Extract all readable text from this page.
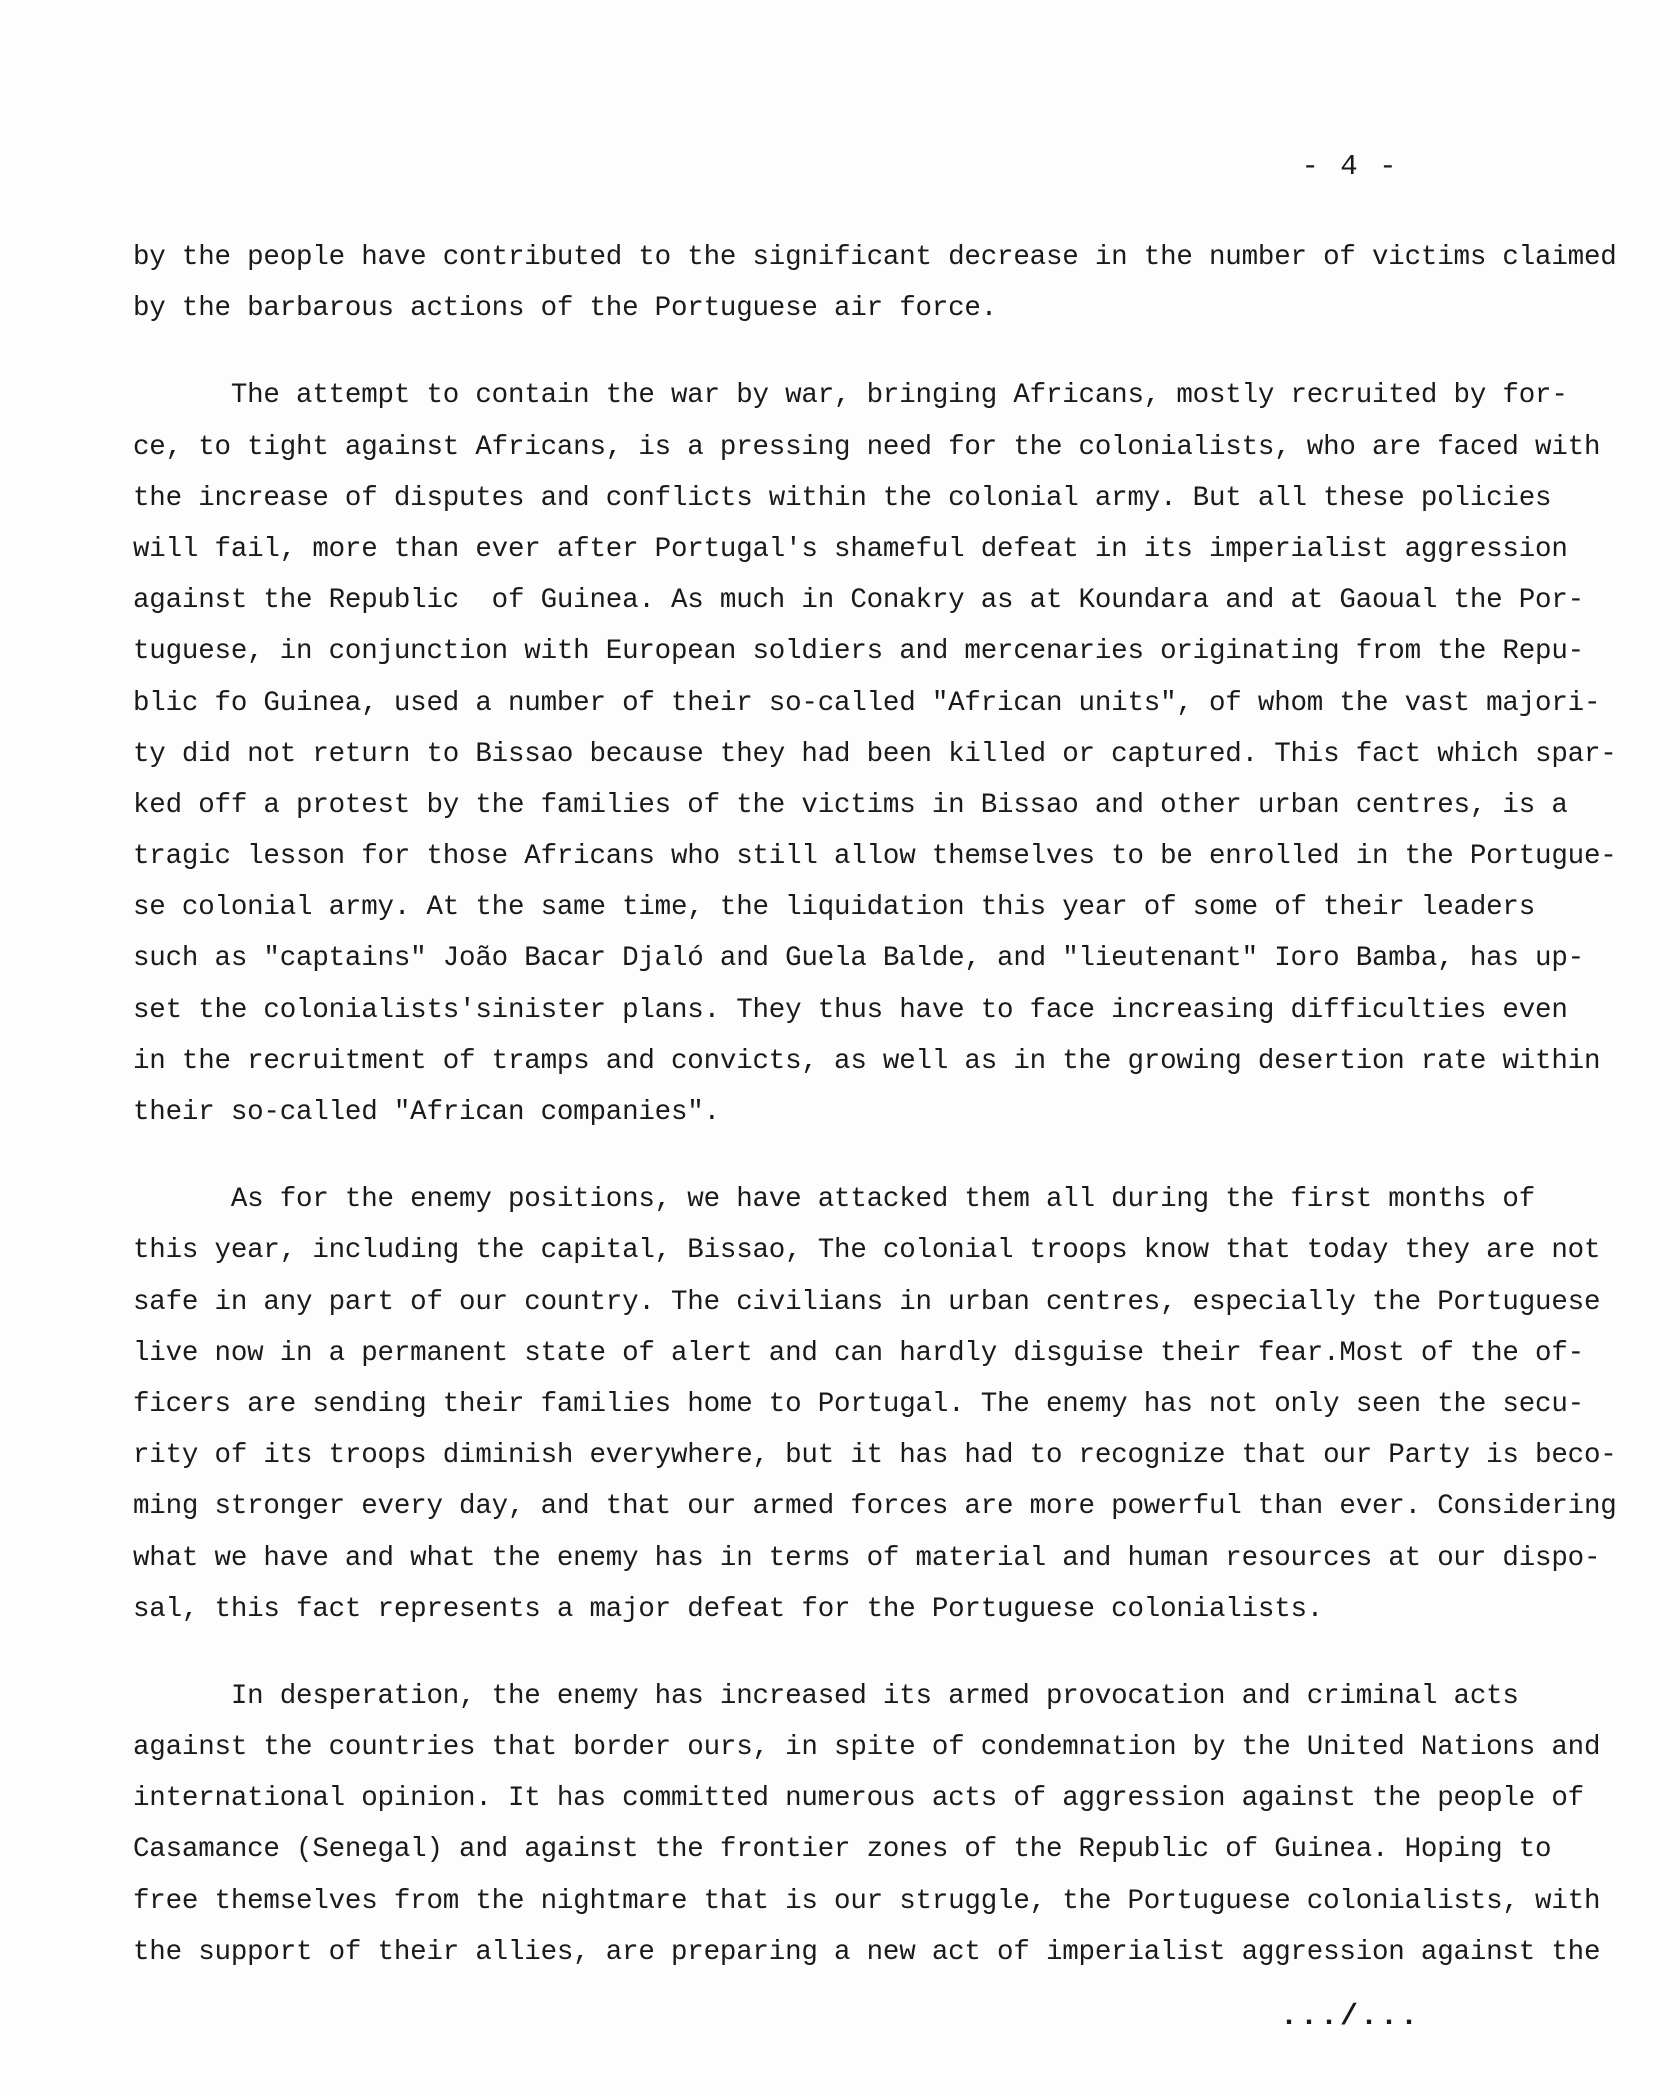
- 4 -
by the people have contributed to the significant decrease in the number of victims claimed
by the barbarous actions of the Portuguese air force.
The attempt to contain the war by war, bringing Africans, mostly recruited by for-
ce, to tight against Africans, is a pressing need for the colonialists, who are faced with
the increase of disputes and conflicts within the colonial army. But all these policies
will fail, more than ever after Portugal's shameful defeat in its imperialist aggression
against the Republic  of Guinea. As much in Conakry as at Koundara and at Gaoual the Por-
tuguese, in conjunction with European soldiers and mercenaries originating from the Repu-
blic fo Guinea, used a number of their so-called "African units", of whom the vast majori-
ty did not return to Bissao because they had been killed or captured. This fact which spar-
ked off a protest by the families of the victims in Bissao and other urban centres, is a
tragic lesson for those Africans who still allow themselves to be enrolled in the Portugue-
se colonial army. At the same time, the liquidation this year of some of their leaders
such as "captains" João Bacar Djaló and Guela Balde, and "lieutenant" Ioro Bamba, has up-
set the colonialists'sinister plans. They thus have to face increasing difficulties even
in the recruitment of tramps and convicts, as well as in the growing desertion rate within
their so-called "African companies".
As for the enemy positions, we have attacked them all during the first months of
this year, including the capital, Bissao, The colonial troops know that today they are not
safe in any part of our country. The civilians in urban centres, especially the Portuguese
live now in a permanent state of alert and can hardly disguise their fear.Most of the of-
ficers are sending their families home to Portugal. The enemy has not only seen the secu-
rity of its troops diminish everywhere, but it has had to recognize that our Party is beco-
ming stronger every day, and that our armed forces are more powerful than ever. Considering
what we have and what the enemy has in terms of material and human resources at our dispo-
sal, this fact represents a major defeat for the Portuguese colonialists.
In desperation, the enemy has increased its armed provocation and criminal acts
against the countries that border ours, in spite of condemnation by the United Nations and
international opinion. It has committed numerous acts of aggression against the people of
Casamance (Senegal) and against the frontier zones of the Republic of Guinea. Hoping to
free themselves from the nightmare that is our struggle, the Portuguese colonialists, with
the support of their allies, are preparing a new act of imperialist aggression against the
.../...
